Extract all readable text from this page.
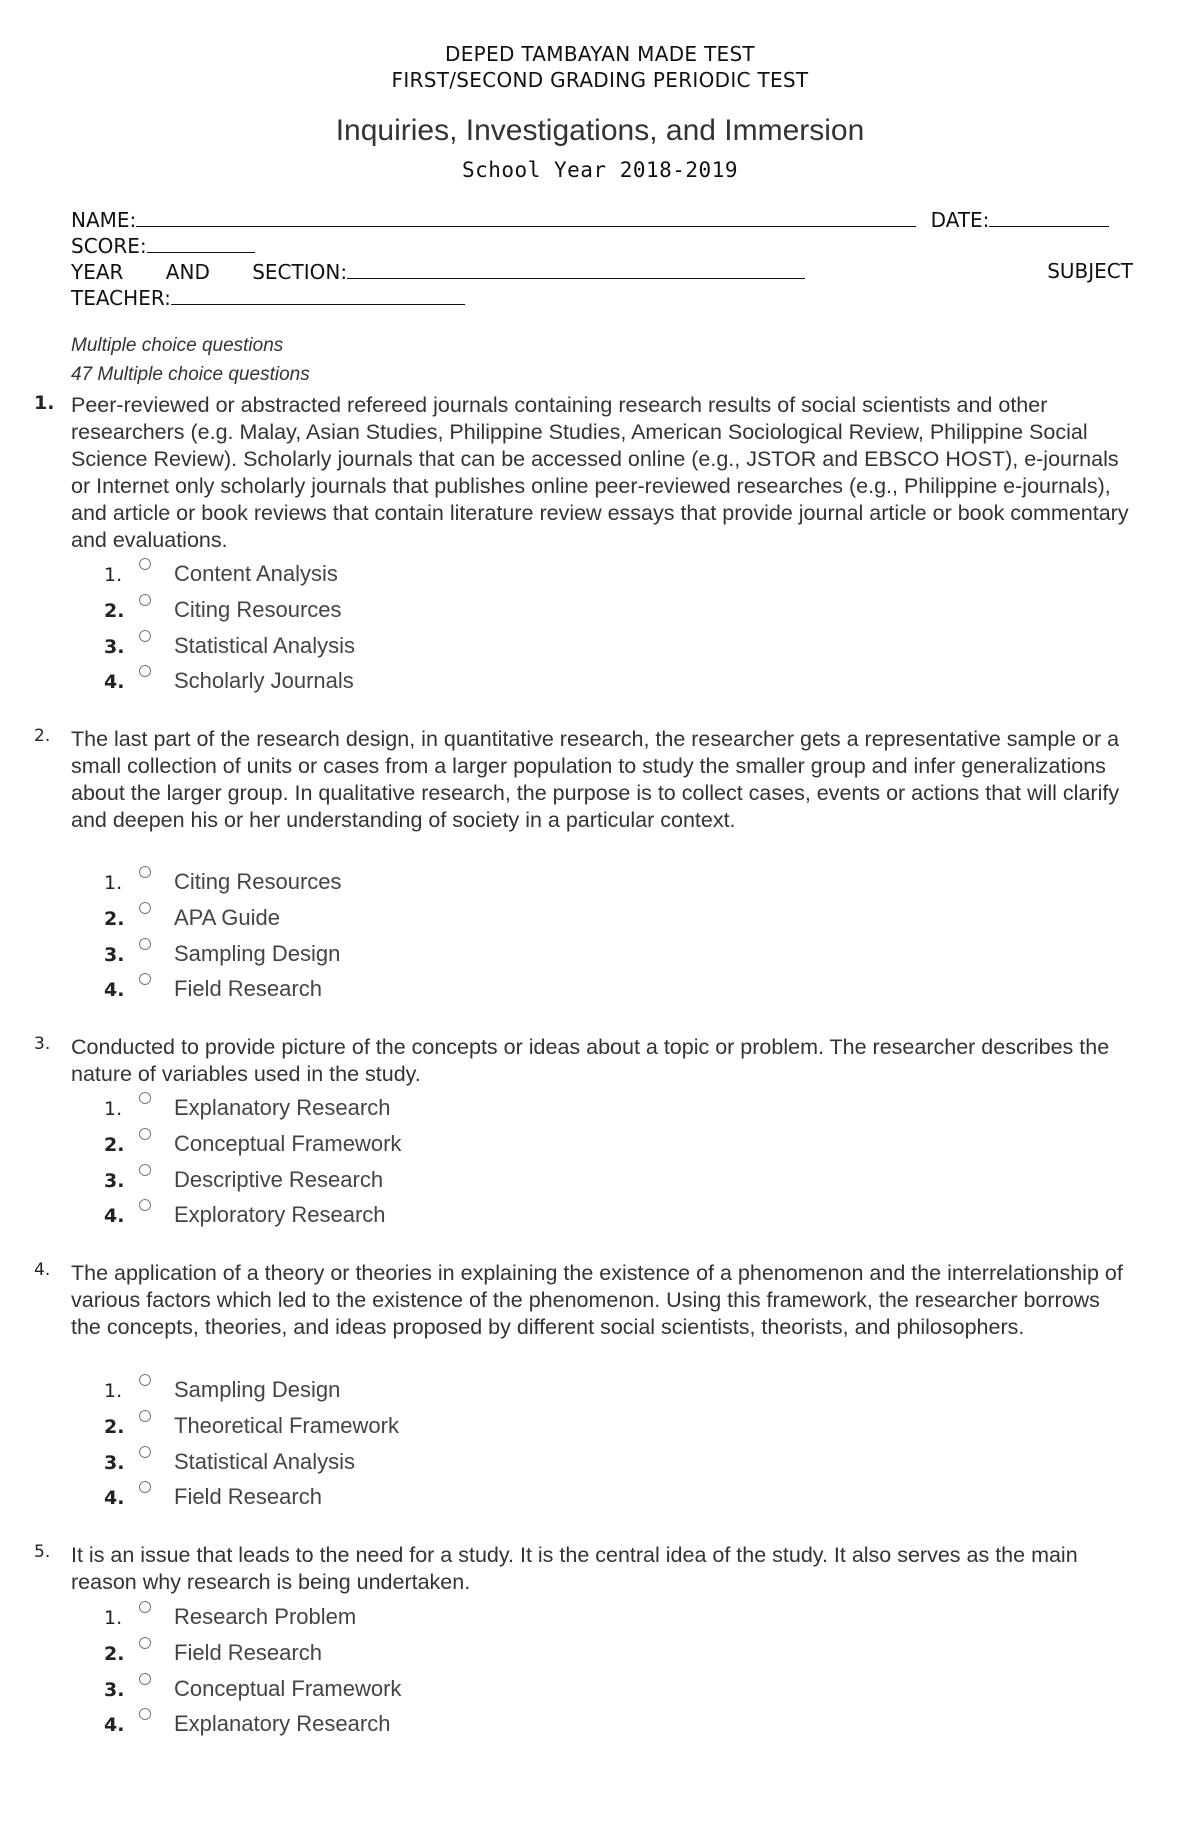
DEPED TAMBAYAN MADE TEST
FIRST/SECOND GRADING PERIODIC TEST
Inquiries, Investigations, and Immersion
School Year 2018-2019
NAME:	DATE:
SCORE:
YEAR AND SECTION:	SUBJECT
TEACHER:
Multiple choice questions
47 Multiple choice questions
1. Peer-reviewed or abstracted refereed journals containing research results of social scientists and other researchers (e.g. Malay, Asian Studies, Philippine Studies, American Sociological Review, Philippine Social Science Review). Scholarly journals that can be accessed online (e.g., JSTOR and EBSCO HOST), e-journals or Internet only scholarly journals that publishes online peer-reviewed researches (e.g., Philippine e-journals), and article or book reviews that contain literature review essays that provide journal article or book commentary and evaluations.
1.	Content Analysis
2.	Citing Resources
3.	Statistical Analysis
4.	Scholarly Journals
2. The last part of the research design, in quantitative research, the researcher gets a representative sample or a small collection of units or cases from a larger population to study the smaller group and infer generalizations about the larger group. In qualitative research, the purpose is to collect cases, events or actions that will clarify and deepen his or her understanding of society in a particular context.
1.	Citing Resources
2.	APA Guide
3.	Sampling Design
4.	Field Research
3. Conducted to provide picture of the concepts or ideas about a topic or problem. The researcher describes the nature of variables used in the study.
1.	Explanatory Research
2.	Conceptual Framework
3.	Descriptive Research
4.	Exploratory Research
4. The application of a theory or theories in explaining the existence of a phenomenon and the interrelationship of various factors which led to the existence of the phenomenon. Using this framework, the researcher borrows the concepts, theories, and ideas proposed by different social scientists, theorists, and philosophers.
1.	Sampling Design
2.	Theoretical Framework
3.	Statistical Analysis
4.	Field Research
5. It is an issue that leads to the need for a study. It is the central idea of the study. It also serves as the main reason why research is being undertaken.
1.	Research Problem
2.	Field Research
3.	Conceptual Framework
4.	Explanatory Research
